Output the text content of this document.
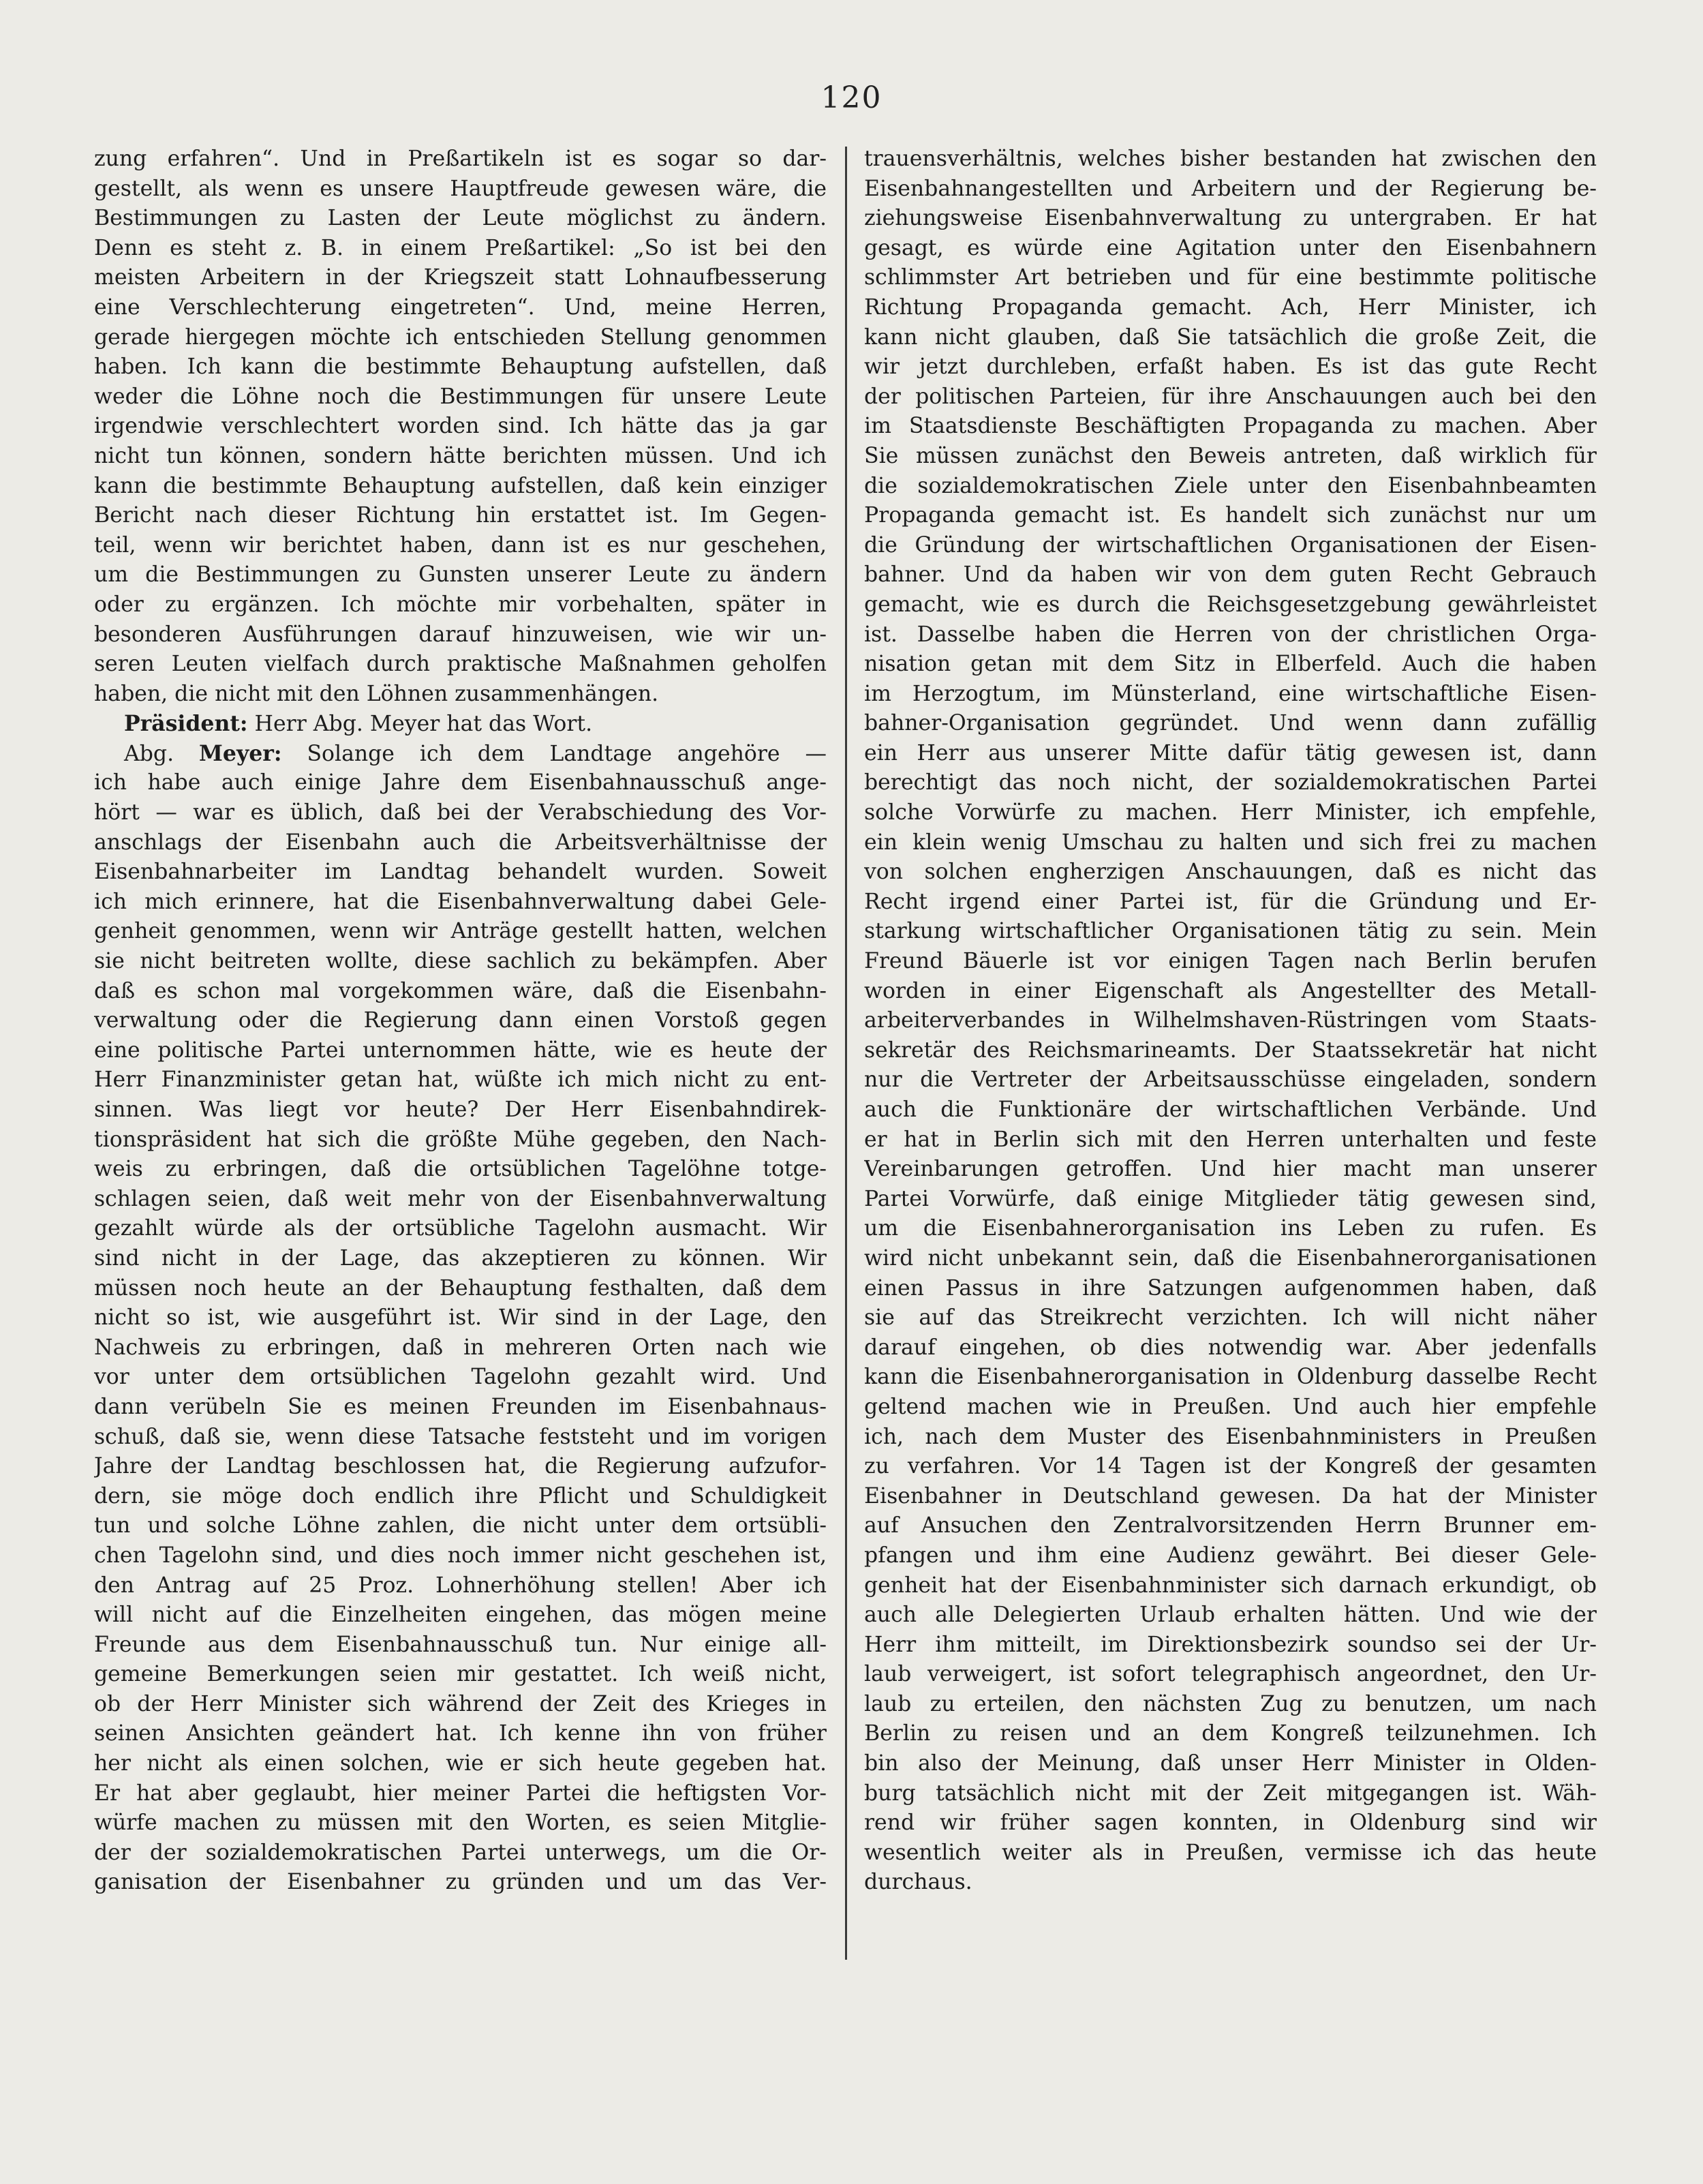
120
zung erfahren“. Und in Preßartikeln ist es sogar so dar-
gestellt, als wenn es unsere Hauptfreude gewesen wäre, die
Bestimmungen zu Lasten der Leute möglichst zu ändern.
Denn es steht z. B. in einem Preßartikel: „So ist bei den
meisten Arbeitern in der Kriegszeit statt Lohnaufbesserung
eine Verschlechterung eingetreten“. Und, meine Herren,
gerade hiergegen möchte ich entschieden Stellung genommen
haben. Ich kann die bestimmte Behauptung aufstellen, daß
weder die Löhne noch die Bestimmungen für unsere Leute
irgendwie verschlechtert worden sind. Ich hätte das ja gar
nicht tun können, sondern hätte berichten müssen. Und ich
kann die bestimmte Behauptung aufstellen, daß kein einziger
Bericht nach dieser Richtung hin erstattet ist. Im Gegen-
teil, wenn wir berichtet haben, dann ist es nur geschehen,
um die Bestimmungen zu Gunsten unserer Leute zu ändern
oder zu ergänzen. Ich möchte mir vorbehalten, später in
besonderen Ausführungen darauf hinzuweisen, wie wir un-
seren Leuten vielfach durch praktische Maßnahmen geholfen
haben, die nicht mit den Löhnen zusammenhängen.
Präsident: Herr Abg. Meyer hat das Wort.
Abg. Meyer: Solange ich dem Landtage angehöre —
ich habe auch einige Jahre dem Eisenbahnausschuß ange-
hört — war es üblich, daß bei der Verabschiedung des Vor-
anschlags der Eisenbahn auch die Arbeitsverhältnisse der
Eisenbahnarbeiter im Landtag behandelt wurden. Soweit
ich mich erinnere, hat die Eisenbahnverwaltung dabei Gele-
genheit genommen, wenn wir Anträge gestellt hatten, welchen
sie nicht beitreten wollte, diese sachlich zu bekämpfen. Aber
daß es schon mal vorgekommen wäre, daß die Eisenbahn-
verwaltung oder die Regierung dann einen Vorstoß gegen
eine politische Partei unternommen hätte, wie es heute der
Herr Finanzminister getan hat, wüßte ich mich nicht zu ent-
sinnen. Was liegt vor heute? Der Herr Eisenbahndirek-
tionspräsident hat sich die größte Mühe gegeben, den Nach-
weis zu erbringen, daß die ortsüblichen Tagelöhne totge-
schlagen seien, daß weit mehr von der Eisenbahnverwaltung
gezahlt würde als der ortsübliche Tagelohn ausmacht. Wir
sind nicht in der Lage, das akzeptieren zu können. Wir
müssen noch heute an der Behauptung festhalten, daß dem
nicht so ist, wie ausgeführt ist. Wir sind in der Lage, den
Nachweis zu erbringen, daß in mehreren Orten nach wie
vor unter dem ortsüblichen Tagelohn gezahlt wird. Und
dann verübeln Sie es meinen Freunden im Eisenbahnaus-
schuß, daß sie, wenn diese Tatsache feststeht und im vorigen
Jahre der Landtag beschlossen hat, die Regierung aufzufor-
dern, sie möge doch endlich ihre Pflicht und Schuldigkeit
tun und solche Löhne zahlen, die nicht unter dem ortsübli-
chen Tagelohn sind, und dies noch immer nicht geschehen ist,
den Antrag auf 25 Proz. Lohnerhöhung stellen! Aber ich
will nicht auf die Einzelheiten eingehen, das mögen meine
Freunde aus dem Eisenbahnausschuß tun. Nur einige all-
gemeine Bemerkungen seien mir gestattet. Ich weiß nicht,
ob der Herr Minister sich während der Zeit des Krieges in
seinen Ansichten geändert hat. Ich kenne ihn von früher
her nicht als einen solchen, wie er sich heute gegeben hat.
Er hat aber geglaubt, hier meiner Partei die heftigsten Vor-
würfe machen zu müssen mit den Worten, es seien Mitglie-
der der sozialdemokratischen Partei unterwegs, um die Or-
ganisation der Eisenbahner zu gründen und um das Ver-
trauensverhältnis, welches bisher bestanden hat zwischen den
Eisenbahnangestellten und Arbeitern und der Regierung be-
ziehungsweise Eisenbahnverwaltung zu untergraben. Er hat
gesagt, es würde eine Agitation unter den Eisenbahnern
schlimmster Art betrieben und für eine bestimmte politische
Richtung Propaganda gemacht. Ach, Herr Minister, ich
kann nicht glauben, daß Sie tatsächlich die große Zeit, die
wir jetzt durchleben, erfaßt haben. Es ist das gute Recht
der politischen Parteien, für ihre Anschauungen auch bei den
im Staatsdienste Beschäftigten Propaganda zu machen. Aber
Sie müssen zunächst den Beweis antreten, daß wirklich für
die sozialdemokratischen Ziele unter den Eisenbahnbeamten
Propaganda gemacht ist. Es handelt sich zunächst nur um
die Gründung der wirtschaftlichen Organisationen der Eisen-
bahner. Und da haben wir von dem guten Recht Gebrauch
gemacht, wie es durch die Reichsgesetzgebung gewährleistet
ist. Dasselbe haben die Herren von der christlichen Orga-
nisation getan mit dem Sitz in Elberfeld. Auch die haben
im Herzogtum, im Münsterland, eine wirtschaftliche Eisen-
bahner-Organisation gegründet. Und wenn dann zufällig
ein Herr aus unserer Mitte dafür tätig gewesen ist, dann
berechtigt das noch nicht, der sozialdemokratischen Partei
solche Vorwürfe zu machen. Herr Minister, ich empfehle,
ein klein wenig Umschau zu halten und sich frei zu machen
von solchen engherzigen Anschauungen, daß es nicht das
Recht irgend einer Partei ist, für die Gründung und Er-
starkung wirtschaftlicher Organisationen tätig zu sein. Mein
Freund Bäuerle ist vor einigen Tagen nach Berlin berufen
worden in einer Eigenschaft als Angestellter des Metall-
arbeiterverbandes in Wilhelmshaven-Rüstringen vom Staats-
sekretär des Reichsmarineamts. Der Staatssekretär hat nicht
nur die Vertreter der Arbeitsausschüsse eingeladen, sondern
auch die Funktionäre der wirtschaftlichen Verbände. Und
er hat in Berlin sich mit den Herren unterhalten und feste
Vereinbarungen getroffen. Und hier macht man unserer
Partei Vorwürfe, daß einige Mitglieder tätig gewesen sind,
um die Eisenbahnerorganisation ins Leben zu rufen. Es
wird nicht unbekannt sein, daß die Eisenbahnerorganisationen
einen Passus in ihre Satzungen aufgenommen haben, daß
sie auf das Streikrecht verzichten. Ich will nicht näher
darauf eingehen, ob dies notwendig war. Aber jedenfalls
kann die Eisenbahnerorganisation in Oldenburg dasselbe Recht
geltend machen wie in Preußen. Und auch hier empfehle
ich, nach dem Muster des Eisenbahnministers in Preußen
zu verfahren. Vor 14 Tagen ist der Kongreß der gesamten
Eisenbahner in Deutschland gewesen. Da hat der Minister
auf Ansuchen den Zentralvorsitzenden Herrn Brunner em-
pfangen und ihm eine Audienz gewährt. Bei dieser Gele-
genheit hat der Eisenbahnminister sich darnach erkundigt, ob
auch alle Delegierten Urlaub erhalten hätten. Und wie der
Herr ihm mitteilt, im Direktionsbezirk soundso sei der Ur-
laub verweigert, ist sofort telegraphisch angeordnet, den Ur-
laub zu erteilen, den nächsten Zug zu benutzen, um nach
Berlin zu reisen und an dem Kongreß teilzunehmen. Ich
bin also der Meinung, daß unser Herr Minister in Olden-
burg tatsächlich nicht mit der Zeit mitgegangen ist. Wäh-
rend wir früher sagen konnten, in Oldenburg sind wir
wesentlich weiter als in Preußen, vermisse ich das heute
durchaus.
